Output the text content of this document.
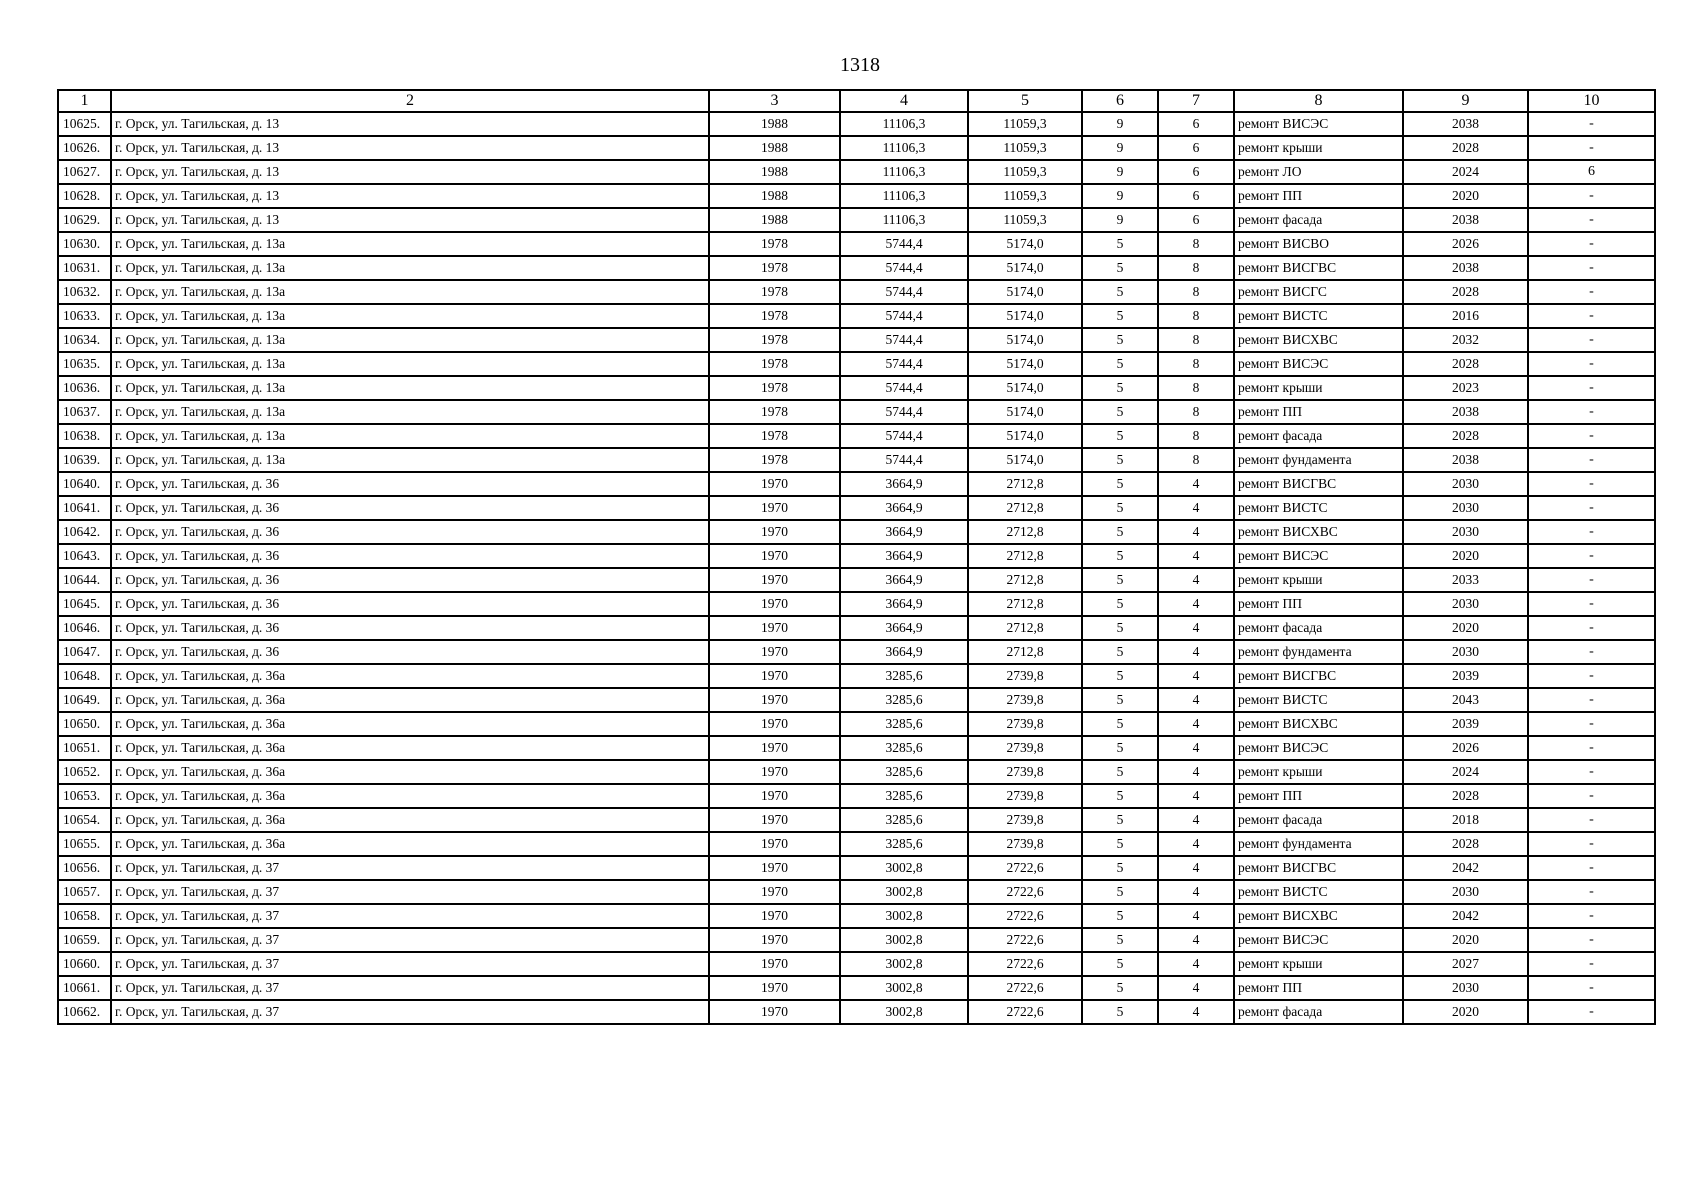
1318
1	2	3	4	5	6	7	8	9	10
10625.	г. Орск, ул. Тагильская, д. 13	1988	11106,3	11059,3	9	6	ремонт ВИСЭС	2038	-
10626.	г. Орск, ул. Тагильская, д. 13	1988	11106,3	11059,3	9	6	ремонт крыши	2028	-
10627.	г. Орск, ул. Тагильская, д. 13	1988	11106,3	11059,3	9	6	ремонт ЛО	2024	6
10628.	г. Орск, ул. Тагильская, д. 13	1988	11106,3	11059,3	9	6	ремонт ПП	2020	-
10629.	г. Орск, ул. Тагильская, д. 13	1988	11106,3	11059,3	9	6	ремонт фасада	2038	-
10630.	г. Орск, ул. Тагильская, д. 13а	1978	5744,4	5174,0	5	8	ремонт ВИСВО	2026	-
10631.	г. Орск, ул. Тагильская, д. 13а	1978	5744,4	5174,0	5	8	ремонт ВИСГВС	2038	-
10632.	г. Орск, ул. Тагильская, д. 13а	1978	5744,4	5174,0	5	8	ремонт ВИСГС	2028	-
10633.	г. Орск, ул. Тагильская, д. 13а	1978	5744,4	5174,0	5	8	ремонт ВИСТС	2016	-
10634.	г. Орск, ул. Тагильская, д. 13а	1978	5744,4	5174,0	5	8	ремонт ВИСХВС	2032	-
10635.	г. Орск, ул. Тагильская, д. 13а	1978	5744,4	5174,0	5	8	ремонт ВИСЭС	2028	-
10636.	г. Орск, ул. Тагильская, д. 13а	1978	5744,4	5174,0	5	8	ремонт крыши	2023	-
10637.	г. Орск, ул. Тагильская, д. 13а	1978	5744,4	5174,0	5	8	ремонт ПП	2038	-
10638.	г. Орск, ул. Тагильская, д. 13а	1978	5744,4	5174,0	5	8	ремонт фасада	2028	-
10639.	г. Орск, ул. Тагильская, д. 13а	1978	5744,4	5174,0	5	8	ремонт фундамента	2038	-
10640.	г. Орск, ул. Тагильская, д. 36	1970	3664,9	2712,8	5	4	ремонт ВИСГВС	2030	-
10641.	г. Орск, ул. Тагильская, д. 36	1970	3664,9	2712,8	5	4	ремонт ВИСТС	2030	-
10642.	г. Орск, ул. Тагильская, д. 36	1970	3664,9	2712,8	5	4	ремонт ВИСХВС	2030	-
10643.	г. Орск, ул. Тагильская, д. 36	1970	3664,9	2712,8	5	4	ремонт ВИСЭС	2020	-
10644.	г. Орск, ул. Тагильская, д. 36	1970	3664,9	2712,8	5	4	ремонт крыши	2033	-
10645.	г. Орск, ул. Тагильская, д. 36	1970	3664,9	2712,8	5	4	ремонт ПП	2030	-
10646.	г. Орск, ул. Тагильская, д. 36	1970	3664,9	2712,8	5	4	ремонт фасада	2020	-
10647.	г. Орск, ул. Тагильская, д. 36	1970	3664,9	2712,8	5	4	ремонт фундамента	2030	-
10648.	г. Орск, ул. Тагильская, д. 36а	1970	3285,6	2739,8	5	4	ремонт ВИСГВС	2039	-
10649.	г. Орск, ул. Тагильская, д. 36а	1970	3285,6	2739,8	5	4	ремонт ВИСТС	2043	-
10650.	г. Орск, ул. Тагильская, д. 36а	1970	3285,6	2739,8	5	4	ремонт ВИСХВС	2039	-
10651.	г. Орск, ул. Тагильская, д. 36а	1970	3285,6	2739,8	5	4	ремонт ВИСЭС	2026	-
10652.	г. Орск, ул. Тагильская, д. 36а	1970	3285,6	2739,8	5	4	ремонт крыши	2024	-
10653.	г. Орск, ул. Тагильская, д. 36а	1970	3285,6	2739,8	5	4	ремонт ПП	2028	-
10654.	г. Орск, ул. Тагильская, д. 36а	1970	3285,6	2739,8	5	4	ремонт фасада	2018	-
10655.	г. Орск, ул. Тагильская, д. 36а	1970	3285,6	2739,8	5	4	ремонт фундамента	2028	-
10656.	г. Орск, ул. Тагильская, д. 37	1970	3002,8	2722,6	5	4	ремонт ВИСГВС	2042	-
10657.	г. Орск, ул. Тагильская, д. 37	1970	3002,8	2722,6	5	4	ремонт ВИСТС	2030	-
10658.	г. Орск, ул. Тагильская, д. 37	1970	3002,8	2722,6	5	4	ремонт ВИСХВС	2042	-
10659.	г. Орск, ул. Тагильская, д. 37	1970	3002,8	2722,6	5	4	ремонт ВИСЭС	2020	-
10660.	г. Орск, ул. Тагильская, д. 37	1970	3002,8	2722,6	5	4	ремонт крыши	2027	-
10661.	г. Орск, ул. Тагильская, д. 37	1970	3002,8	2722,6	5	4	ремонт ПП	2030	-
10662.	г. Орск, ул. Тагильская, д. 37	1970	3002,8	2722,6	5	4	ремонт фасада	2020	-
